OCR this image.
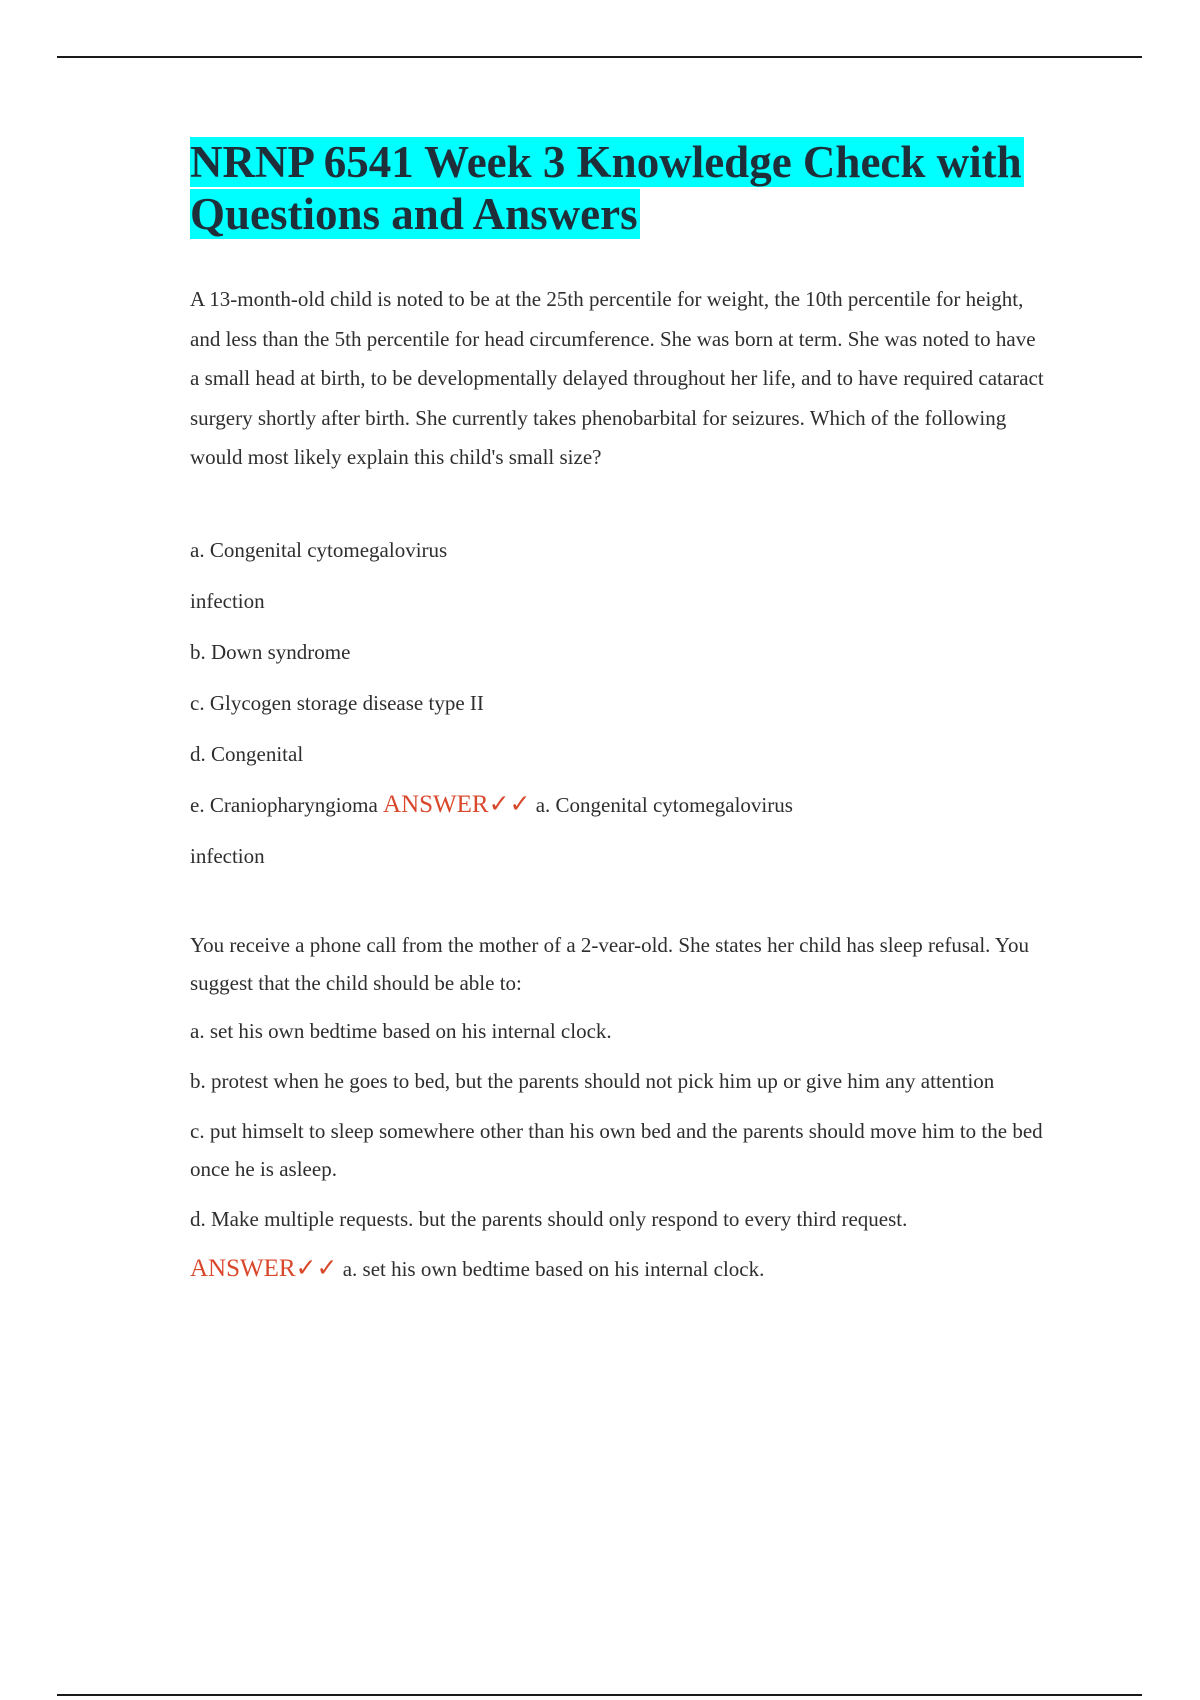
NRNP 6541 Week 3 Knowledge Check with Questions and Answers

A 13-month-old child is noted to be at the 25th percentile for weight, the 10th percentile for height, and less than the 5th percentile for head circumference. She was born at term. She was noted to have a small head at birth, to be developmentally delayed throughout her life, and to have required cataract surgery shortly after birth. She currently takes phenobarbital for seizures. Which of the following would most likely explain this child's small size?

a. Congenital cytomegalovirus

infection

b. Down syndrome

c. Glycogen storage disease type II

d. Congenital

e. Craniopharyngioma ANSWER✓✓ a. Congenital cytomegalovirus

infection

You receive a phone call from the mother of a 2-vear-old. She states her child has sleep refusal. You suggest that the child should be able to:

a. set his own bedtime based on his internal clock.

b. protest when he goes to bed, but the parents should not pick him up or give him any attention

c. put himselt to sleep somewhere other than his own bed and the parents should move him to the bed once he is asleep.

d. Make multiple requests. but the parents should only respond to every third request.

ANSWER✓✓ a. set his own bedtime based on his internal clock.
